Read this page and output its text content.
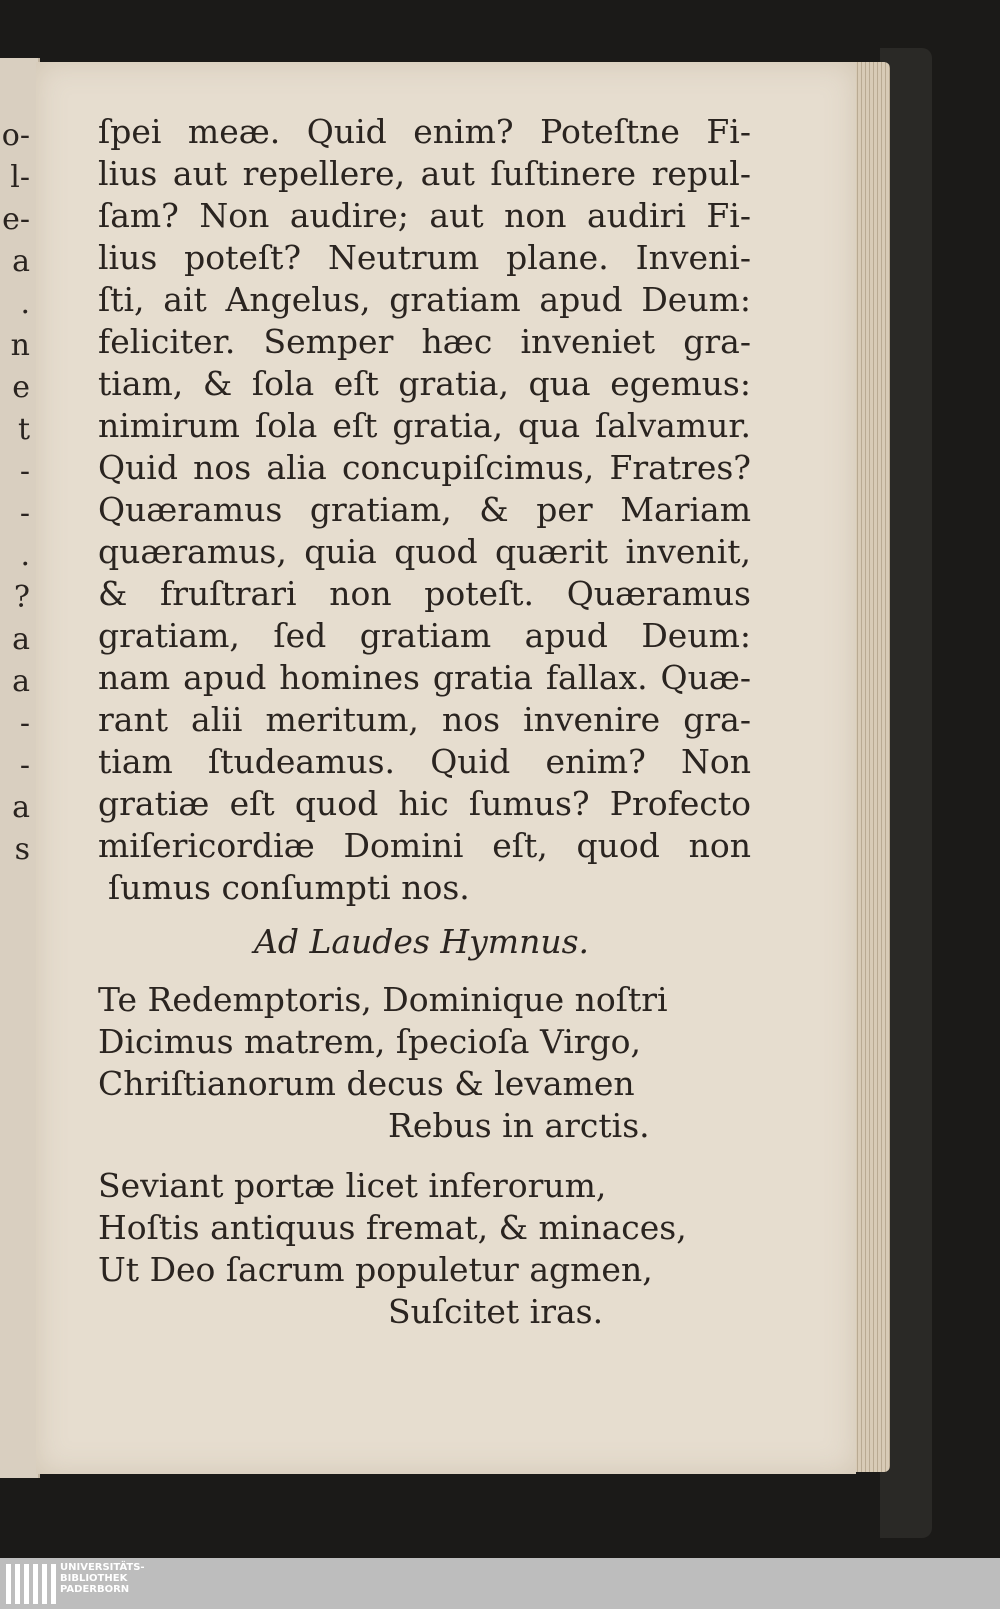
o-
l-
e-
a
.
n
e
t
-
-
.
?
a
a
-
-
a
s
ſpei meæ. Quid enim? Poteſtne Fi-
lius aut repellere, aut ſuſtinere repul-
ſam? Non audire; aut non audiri Fi-
lius poteſt? Neutrum plane. Inveni-
ſti, ait Angelus, gratiam apud Deum:
feliciter. Semper hæc inveniet gra-
tiam, & ſola eſt gratia, qua egemus:
nimirum ſola eſt gratia, qua ſalvamur.
Quid nos alia concupiſcimus, Fratres?
Quæramus gratiam, & per Mariam
quæramus, quia quod quærit invenit,
& fruſtrari non poteſt. Quæramus
gratiam, ſed gratiam apud Deum:
nam apud homines gratia fallax. Quæ-
rant alii meritum, nos invenire gra-
tiam ſtudeamus. Quid enim? Non
gratiæ eſt quod hic ſumus? Profecto
miſericordiæ Domini eſt, quod non
ſumus conſumpti nos.
Ad Laudes Hymnus.
Te Redemptoris, Dominique noſtri
Dicimus matrem, ſpecioſa Virgo,
Chriſtianorum decus & levamen
Rebus in arctis.
Seviant portæ licet inferorum,
Hoſtis antiquus fremat, & minaces,
Ut Deo ſacrum populetur agmen,
Suſcitet iras.
UNIVERSITÄTS-
BIBLIOTHEK
PADERBORN
